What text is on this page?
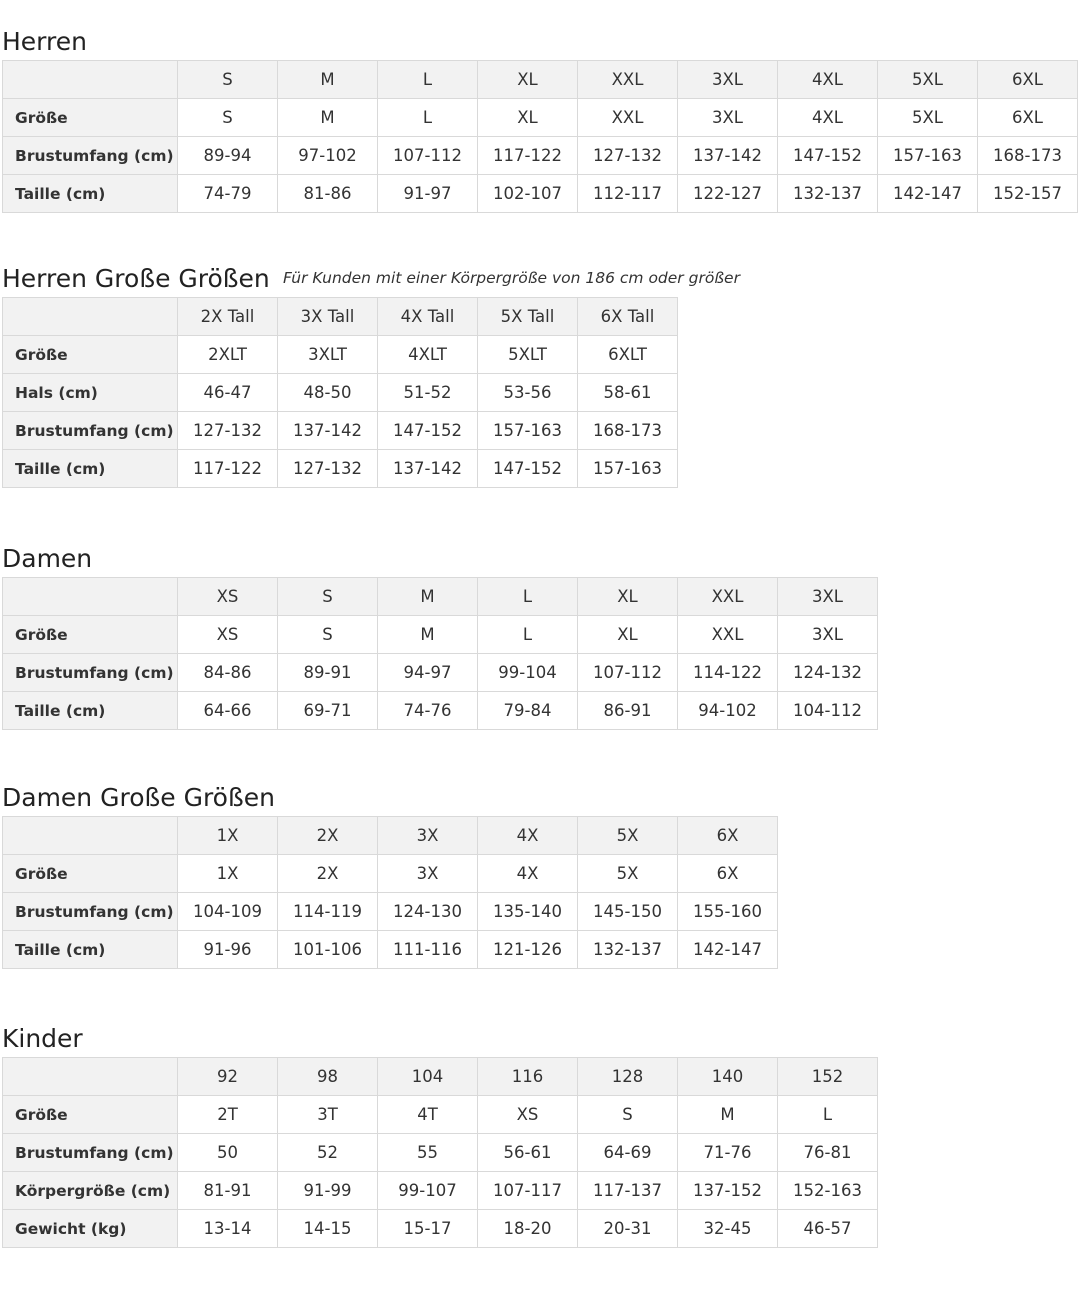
Herren
	S	M	L	XL	XXL	3XL	4XL	5XL	6XL
Größe	S	M	L	XL	XXL	3XL	4XL	5XL	6XL
Brustumfang (cm)	89-94	97-102	107-112	117-122	127-132	137-142	147-152	157-163	168-173
Taille (cm)	74-79	81-86	91-97	102-107	112-117	122-127	132-137	142-147	152-157
Herren Große Größen Für Kunden mit einer Körpergröße von 186 cm oder größer
	2X Tall	3X Tall	4X Tall	5X Tall	6X Tall
Größe	2XLT	3XLT	4XLT	5XLT	6XLT
Hals (cm)	46-47	48-50	51-52	53-56	58-61
Brustumfang (cm)	127-132	137-142	147-152	157-163	168-173
Taille (cm)	117-122	127-132	137-142	147-152	157-163
Damen
	XS	S	M	L	XL	XXL	3XL
Größe	XS	S	M	L	XL	XXL	3XL
Brustumfang (cm)	84-86	89-91	94-97	99-104	107-112	114-122	124-132
Taille (cm)	64-66	69-71	74-76	79-84	86-91	94-102	104-112
Damen Große Größen
	1X	2X	3X	4X	5X	6X
Größe	1X	2X	3X	4X	5X	6X
Brustumfang (cm)	104-109	114-119	124-130	135-140	145-150	155-160
Taille (cm)	91-96	101-106	111-116	121-126	132-137	142-147
Kinder
	92	98	104	116	128	140	152
Größe	2T	3T	4T	XS	S	M	L
Brustumfang (cm)	50	52	55	56-61	64-69	71-76	76-81
Körpergröße (cm)	81-91	91-99	99-107	107-117	117-137	137-152	152-163
Gewicht (kg)	13-14	14-15	15-17	18-20	20-31	32-45	46-57
